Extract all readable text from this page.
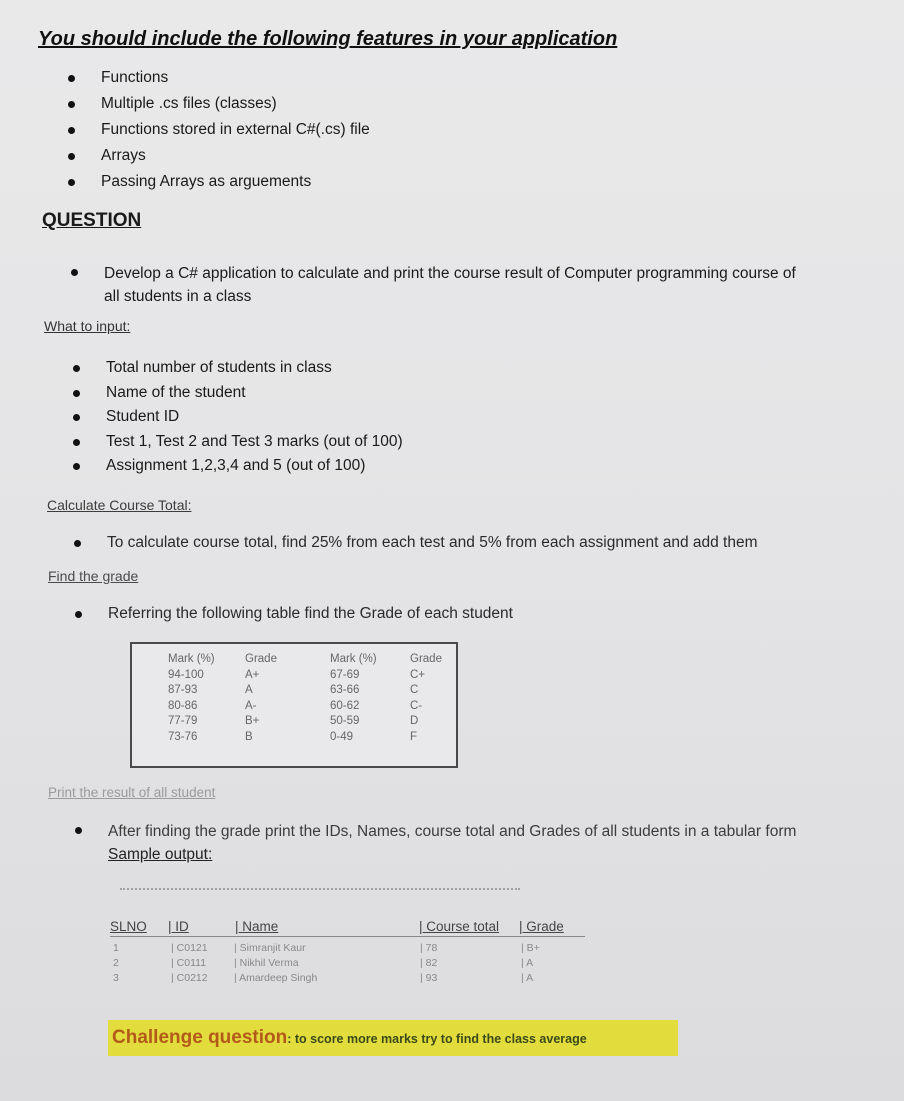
You should include the following features in your application
Functions
Multiple .cs files (classes)
Functions stored in external C#(.cs) file
Arrays
Passing Arrays as arguements
QUESTION
Develop a C# application to calculate and print the course result of Computer programming course of all students in a class
What to input:
Total number of students in class
Name of the student
Student ID
Test 1, Test 2 and Test 3 marks (out of 100)
Assignment 1,2,3,4 and 5 (out of 100)
Calculate Course Total:
To calculate course total, find 25% from each test and 5% from each assignment and add them
Find the grade
Referring the following table find the Grade of each student
Mark (%)
94-100
87-93
80-86
77-79
73-76
Grade
A+
A
A-
B+
B
Mark (%)
67-69
63-66
60-62
50-59
0-49
Grade
C+
C
C-
D
F
Print the result of all student
After finding the grade print the IDs, Names, course total and Grades of all students in a tabular form Sample output:
SLNO | ID	| Name	| Course total | Grade
1
2
3
| C0121
| C0111
| C0212
| Simranjit Kaur
| Nikhil Verma
| Amardeep Singh
| 78
| 82
| 93
| B+
| A
| A
Challenge question: to score more marks try to find the class average
